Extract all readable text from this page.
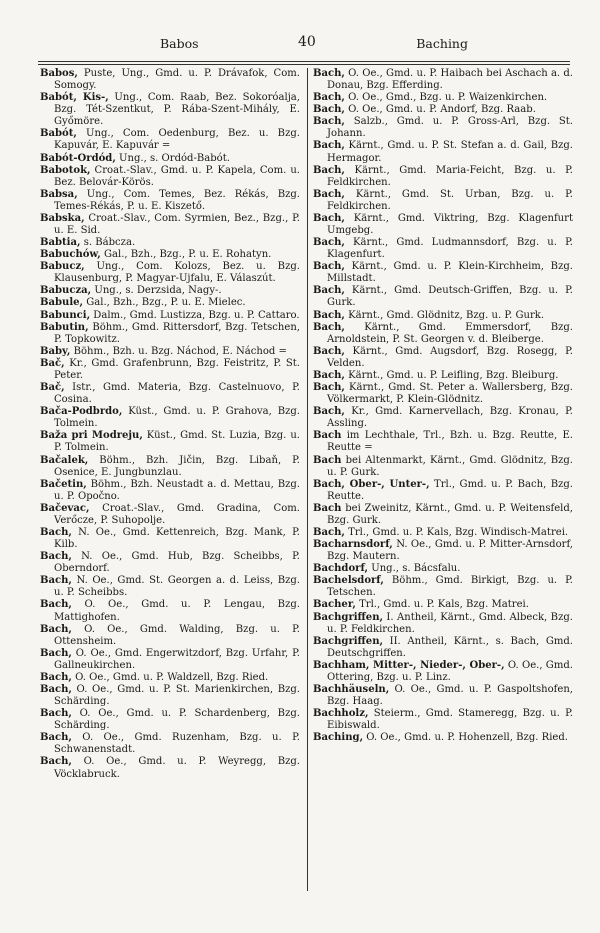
Babos	40	Baching

Babos, Puste, Ung., Gmd. u. P. Drávafok, Com. Somogy.

Babót, Kis-, Ung., Com. Raab, Bez. Sokoróalja, Bzg. Tét-Szentkut, P. Rába-Szent-Mihály, E. Győmöre.

Babót, Ung., Com. Oedenburg, Bez. u. Bzg. Kapuvár, E. Kapuvár =

Babót-Ordód, Ung., s. Ordód-Babót.

Babotok, Croat.-Slav., Gmd. u. P. Kapela, Com. u. Bez. Belovár-Körös.

Babsa, Ung., Com. Temes, Bez. Rékás, Bzg. Temes-Rékás, P. u. E. Kiszető.

Babska, Croat.-Slav., Com. Syrmien, Bez., Bzg., P. u. E. Sid.

Babtia, s. Bábcza.

Babuchów, Gal., Bzh., Bzg., P. u. E. Rohatyn.

Babucz, Ung., Com. Kolozs, Bez. u. Bzg. Klausenburg, P. Magyar-Ujfalu, E. Válaszút.

Babucza, Ung., s. Derzsida, Nagy-.

Babule, Gal., Bzh., Bzg., P. u. E. Mielec.

Babunci, Dalm., Gmd. Lustizza, Bzg. u. P. Cattaro.

Babutin, Böhm., Gmd. Rittersdorf, Bzg. Tetschen, P. Topkowitz.

Baby, Böhm., Bzh. u. Bzg. Náchod, E. Náchod =

Bač, Kr., Gmd. Grafenbrunn, Bzg. Feistritz, P. St. Peter.

Bač, Istr., Gmd. Materia, Bzg. Castelnuovo, P. Cosina.

Bača-Podbrdo, Küst., Gmd. u. P. Grahova, Bzg. Tolmein.

Baža pri Modreju, Küst., Gmd. St. Luzia, Bzg. u. P. Tolmein.

Bačalek, Böhm., Bzh. Jičin, Bzg. Libaň, P. Osenice, E. Jungbunzlau.

Bačetin, Böhm., Bzh. Neustadt a. d. Mettau, Bzg. u. P. Opočno.

Bačevac, Croat.-Slav., Gmd. Gradina, Com. Verőcze, P. Suhopolje.

Bach, N. Oe., Gmd. Kettenreich, Bzg. Mank, P. Kilb.

Bach, N. Oe., Gmd. Hub, Bzg. Scheibbs, P. Oberndorf.

Bach, N. Oe., Gmd. St. Georgen a. d. Leiss, Bzg. u. P. Scheibbs.

Bach, O. Oe., Gmd. u. P. Lengau, Bzg. Mattighofen.

Bach, O. Oe., Gmd. Walding, Bzg. u. P. Ottensheim.

Bach, O. Oe., Gmd. Engerwitzdorf, Bzg. Urfahr, P. Gallneukirchen.

Bach, O. Oe., Gmd. u. P. Waldzell, Bzg. Ried.

Bach, O. Oe., Gmd. u. P. St. Marienkirchen, Bzg. Schärding.

Bach, O. Oe., Gmd. u. P. Schardenberg, Bzg. Schärding.

Bach, O. Oe., Gmd. Ruzenham, Bzg. u. P. Schwanenstadt.

Bach, O. Oe., Gmd. u. P. Weyregg, Bzg. Vöcklabruck.

Bach, O. Oe., Gmd. u. P. Haibach bei Aschach a. d. Donau, Bzg. Efferding.

Bach, O. Oe., Gmd., Bzg. u. P. Waizenkirchen.

Bach, O. Oe., Gmd. u. P. Andorf, Bzg. Raab.

Bach, Salzb., Gmd. u. P. Gross-Arl, Bzg. St. Johann.

Bach, Kärnt., Gmd. u. P. St. Stefan a. d. Gail, Bzg. Hermagor.

Bach, Kärnt., Gmd. Maria-Feicht, Bzg. u. P. Feldkirchen.

Bach, Kärnt., Gmd. St. Urban, Bzg. u. P. Feldkirchen.

Bach, Kärnt., Gmd. Viktring, Bzg. Klagenfurt Umgebg.

Bach, Kärnt., Gmd. Ludmannsdorf, Bzg. u. P. Klagenfurt.

Bach, Kärnt., Gmd. u. P. Klein-Kirchheim, Bzg. Millstadt.

Bach, Kärnt., Gmd. Deutsch-Griffen, Bzg. u. P. Gurk.

Bach, Kärnt., Gmd. Glödnitz, Bzg. u. P. Gurk.

Bach, Kärnt., Gmd. Emmersdorf, Bzg. Arnoldstein, P. St. Georgen v. d. Bleiberge.

Bach, Kärnt., Gmd. Augsdorf, Bzg. Rosegg, P. Velden.

Bach, Kärnt., Gmd. u. P. Leifling, Bzg. Bleiburg.

Bach, Kärnt., Gmd. St. Peter a. Wallersberg, Bzg. Völkermarkt, P. Klein-Glödnitz.

Bach, Kr., Gmd. Karnervellach, Bzg. Kronau, P. Assling.

Bach im Lechthale, Trl., Bzh. u. Bzg. Reutte, E. Reutte =

Bach bei Altenmarkt, Kärnt., Gmd. Glödnitz, Bzg. u. P. Gurk.

Bach, Ober-, Unter-, Trl., Gmd. u. P. Bach, Bzg. Reutte.

Bach bei Zweinitz, Kärnt., Gmd. u. P. Weitensfeld, Bzg. Gurk.

Bach, Trl., Gmd. u. P. Kals, Bzg. Windisch-Matrei.

Bacharnsdorf, N. Oe., Gmd. u. P. Mitter-Arnsdorf, Bzg. Mautern.

Bachdorf, Ung., s. Bácsfalu.

Bachelsdorf, Böhm., Gmd. Birkigt, Bzg. u. P. Tetschen.

Bacher, Trl., Gmd. u. P. Kals, Bzg. Matrei.

Bachgriffen, I. Antheil, Kärnt., Gmd. Albeck, Bzg. u. P. Feldkirchen.

Bachgriffen, II. Antheil, Kärnt., s. Bach, Gmd. Deutschgriffen.

Bachham, Mitter-, Nieder-, Ober-, O. Oe., Gmd. Ottering, Bzg. u. P. Linz.

Bachhäuseln, O. Oe., Gmd. u. P. Gaspoltshofen, Bzg. Haag.

Bachholz, Steierm., Gmd. Stameregg, Bzg. u. P. Eibiswald.

Baching, O. Oe., Gmd. u. P. Hohenzell, Bzg. Ried.
